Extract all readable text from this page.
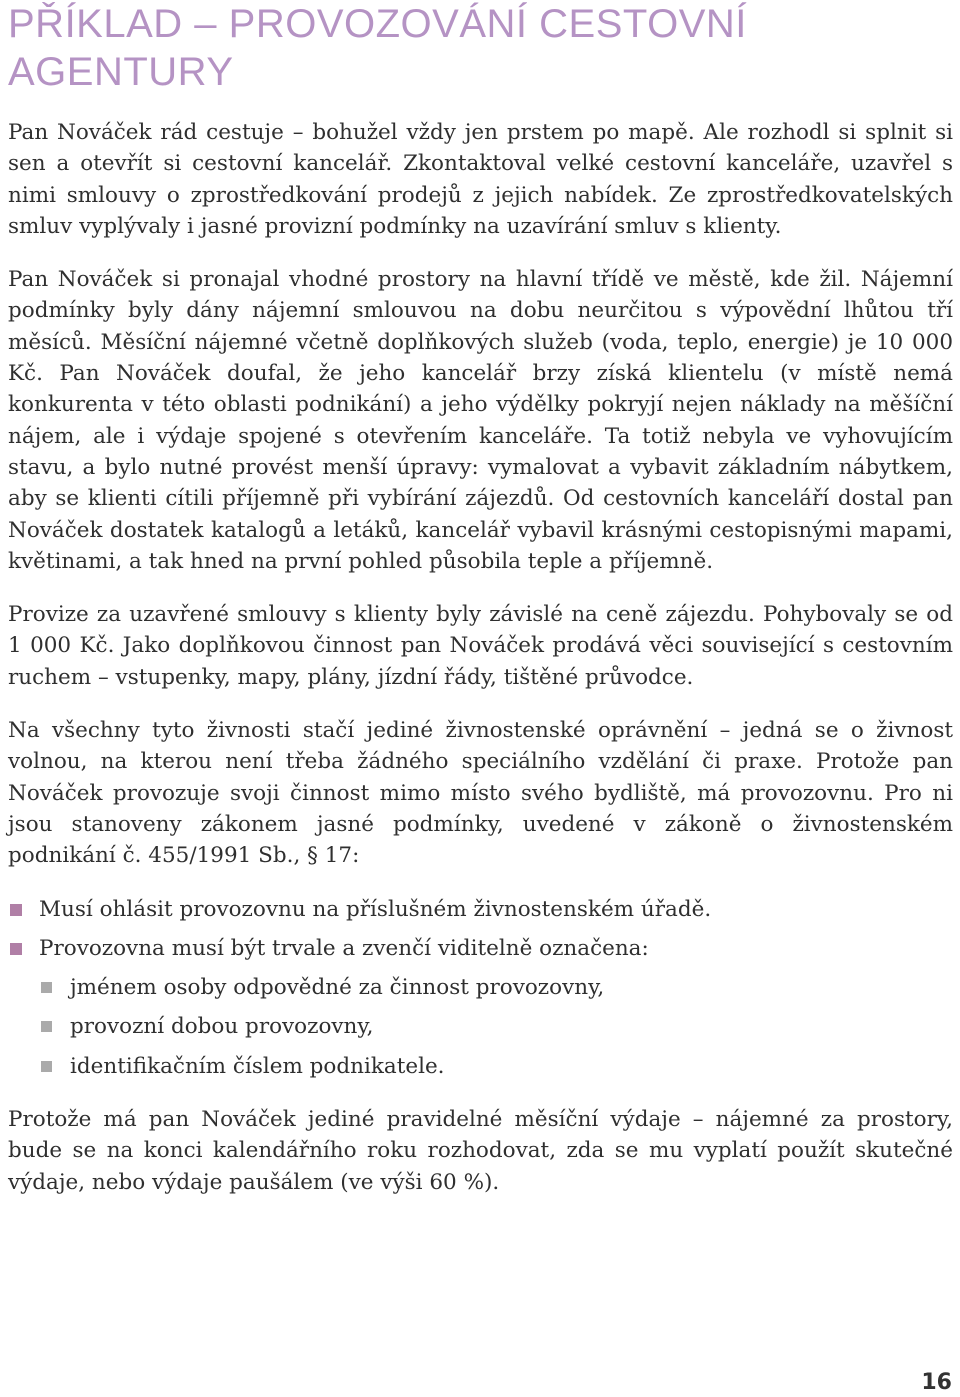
PŘÍKLAD – PROVOZOVÁNÍ CESTOVNÍ AGENTURY

Pan Nováček rád cestuje – bohužel vždy jen prstem po mapě. Ale rozhodl si splnit si sen a otevřít si cestovní kancelář. Zkontaktoval velké cestovní kanceláře, uzavřel s nimi smlouvy o zprostředkování prodejů z jejich nabídek. Ze zprostředkovatelských smluv vyplývaly i jasné provizní podmínky na uzavírání smluv s klienty.

Pan Nováček si pronajal vhodné prostory na hlavní třídě ve městě, kde žil. Nájemní podmínky byly dány nájemní smlouvou na dobu neurčitou s výpovědní lhůtou tří měsíců. Měsíční nájemné včetně doplňkových služeb (voda, teplo, energie) je 10 000 Kč. Pan Nováček doufal, že jeho kancelář brzy získá klientelu (v místě nemá konkurenta v této oblasti podnikání) a jeho výdělky pokryjí nejen náklady na měšíční nájem, ale i výdaje spojené s otevřením kanceláře. Ta totiž nebyla ve vyhovujícím stavu, a bylo nutné provést menší úpravy: vymalovat a vybavit základním nábytkem, aby se klienti cítili příjemně při vybírání zájezdů. Od cestovních kanceláří dostal pan Nováček dostatek katalogů a letáků, kancelář vybavil krásnými cestopisnými mapami, květinami, a tak hned na první pohled působila teple a příjemně.

Provize za uzavřené smlouvy s klienty byly závislé na ceně zájezdu. Pohybovaly se od 1 000 Kč. Jako doplňkovou činnost pan Nováček prodává věci související s cestovním ruchem – vstupenky, mapy, plány, jízdní řády, tištěné průvodce.

Na všechny tyto živnosti stačí jediné živnostenské oprávnění – jedná se o živnost volnou, na kterou není třeba žádného speciálního vzdělání či praxe. Protože pan Nováček provozuje svoji činnost mimo místo svého bydliště, má provozovnu. Pro ni jsou stanoveny zákonem jasné podmínky, uvedené v zákoně o živnostenském podnikání č. 455/1991 Sb., § 17:

Musí ohlásit provozovnu na příslušném živnostenském úřadě.
Provozovna musí být trvale a zvenčí viditelně označena:
jménem osoby odpovědné za činnost provozovny,
provozní dobou provozovny,
identifikačním číslem podnikatele.

Protože má pan Nováček jediné pravidelné měsíční výdaje – nájemné za prostory, bude se na konci kalendářního roku rozhodovat, zda se mu vyplatí použít skutečné výdaje, nebo výdaje paušálem (ve výši 60 %).

16
